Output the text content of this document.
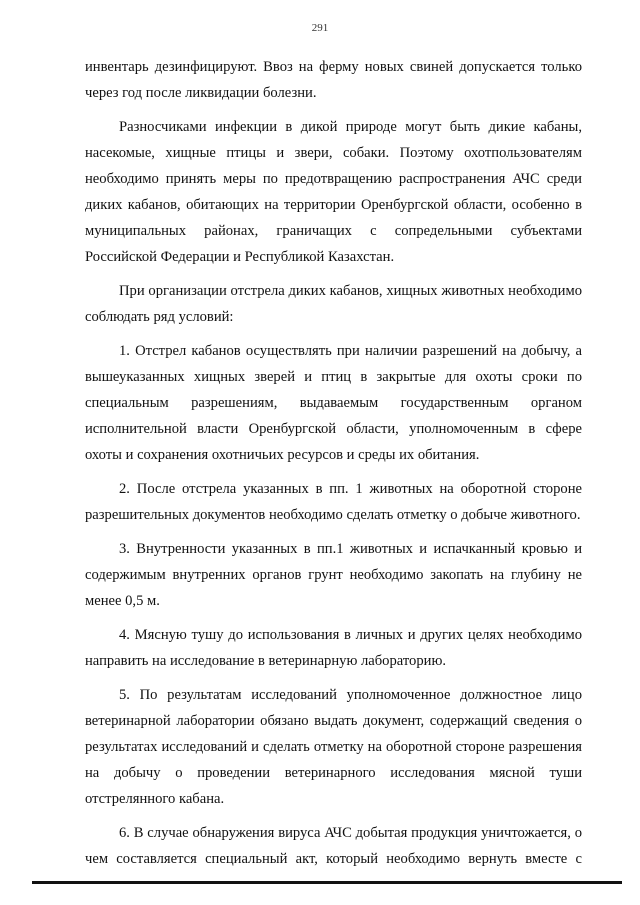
291

инвентарь дезинфицируют. Ввоз на ферму новых свиней допускается только через год после ликвидации болезни.

Разносчиками инфекции в дикой природе могут быть дикие кабаны, насекомые, хищные птицы и звери, собаки. Поэтому охотпользователям необходимо принять меры по предотвращению распространения АЧС среди диких кабанов, обитающих на территории Оренбургской области, особенно в муниципальных районах, граничащих с сопредельными субъектами Российской Федерации и Республикой Казахстан.

При организации отстрела диких кабанов, хищных животных необходимо соблюдать ряд условий:

1. Отстрел кабанов осуществлять при наличии разрешений на добычу, а вышеуказанных хищных зверей и птиц в закрытые для охоты сроки по специальным разрешениям, выдаваемым государственным органом исполнительной власти Оренбургской области, уполномоченным в сфере охоты и сохранения охотничьих ресурсов и среды их обитания.

2. После отстрела указанных в пп. 1 животных на оборотной стороне разрешительных документов необходимо сделать отметку о добыче животного.

3. Внутренности указанных в пп.1 животных и испачканный кровью и содержимым внутренних органов грунт необходимо закопать на глубину не менее 0,5 м.

4. Мясную тушу до использования в личных и других целях необходимо направить на исследование в ветеринарную лабораторию.

5. По результатам исследований уполномоченное должностное лицо ветеринарной лаборатории обязано выдать документ, содержащий сведения о результатах исследований и сделать отметку на оборотной стороне разрешения на добычу о проведении ветеринарного исследования мясной туши отстрелянного кабана.

6. В случае обнаружения вируса АЧС добытая продукция уничтожается, о чем составляется специальный акт, который необходимо вернуть вместе с
